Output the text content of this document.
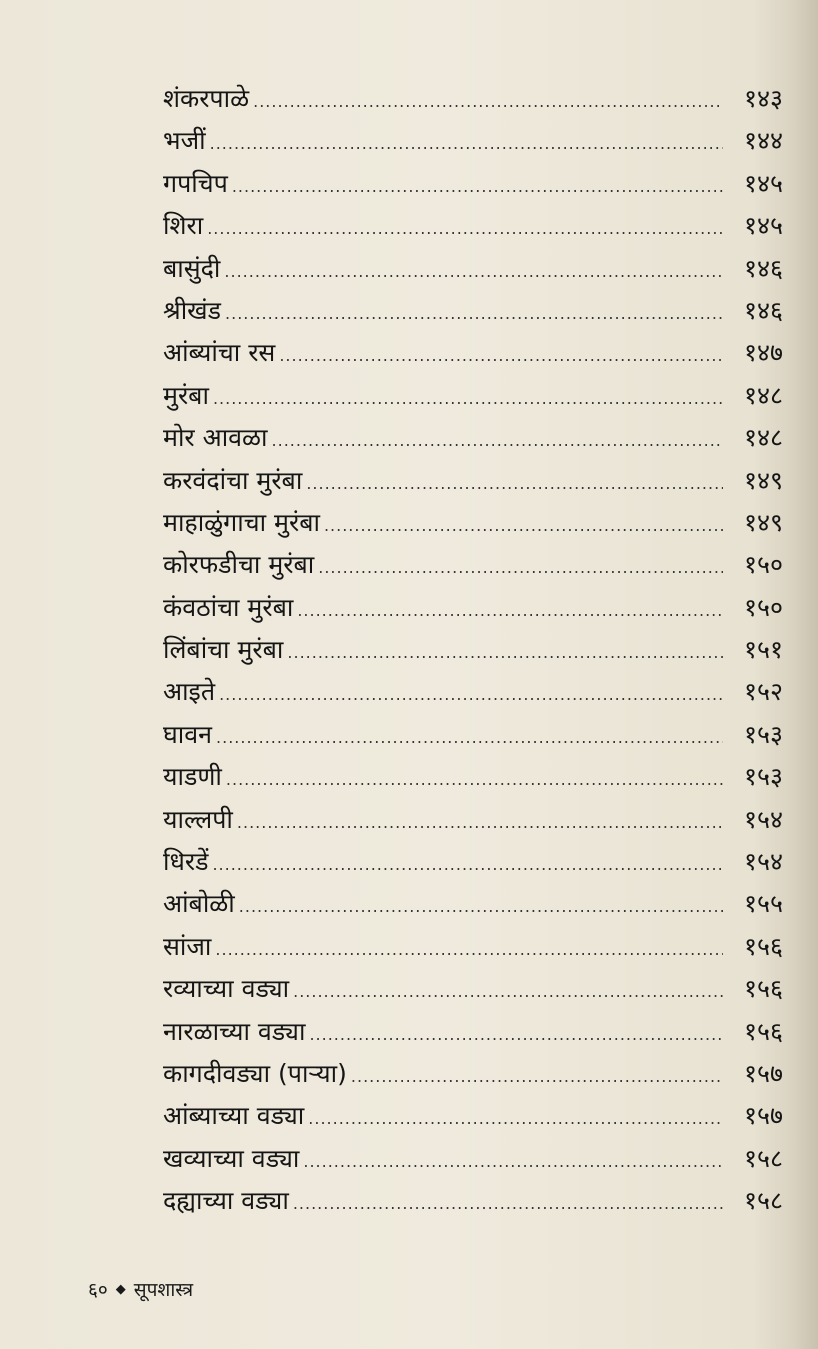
शंकरपाळे .....	१४३
भजीं .....	१४४
गपचिप .....	१४५
शिरा .....	१४५
बासुंदी .....	१४६
श्रीखंड .....	१४६
आंब्यांचा रस .....	१४७
मुरंबा .....	१४८
मोर आवळा .....	१४८
करवंदांचा मुरंबा .....	१४९
माहाळुंगाचा मुरंबा .....	१४९
कोरफडीचा मुरंबा .....	१५०
कंवठांचा मुरंबा .....	१५०
लिंबांचा मुरंबा .....	१५१
आइते .....	१५२
घावन .....	१५३
याडणी .....	१५३
याल्लपी .....	१५४
धिरडें .....	१५४
आंबोळी .....	१५५
सांजा .....	१५६
रव्याच्या वड्या .....	१५६
नारळाच्या वड्या .....	१५६
कागदीवड्या (पाऱ्या) .....	१५७
आंब्याच्या वड्या .....	१५७
खव्याच्या वड्या .....	१५८
दह्याच्या वड्या .....	१५८
६० ◆ सूपशास्त्र
